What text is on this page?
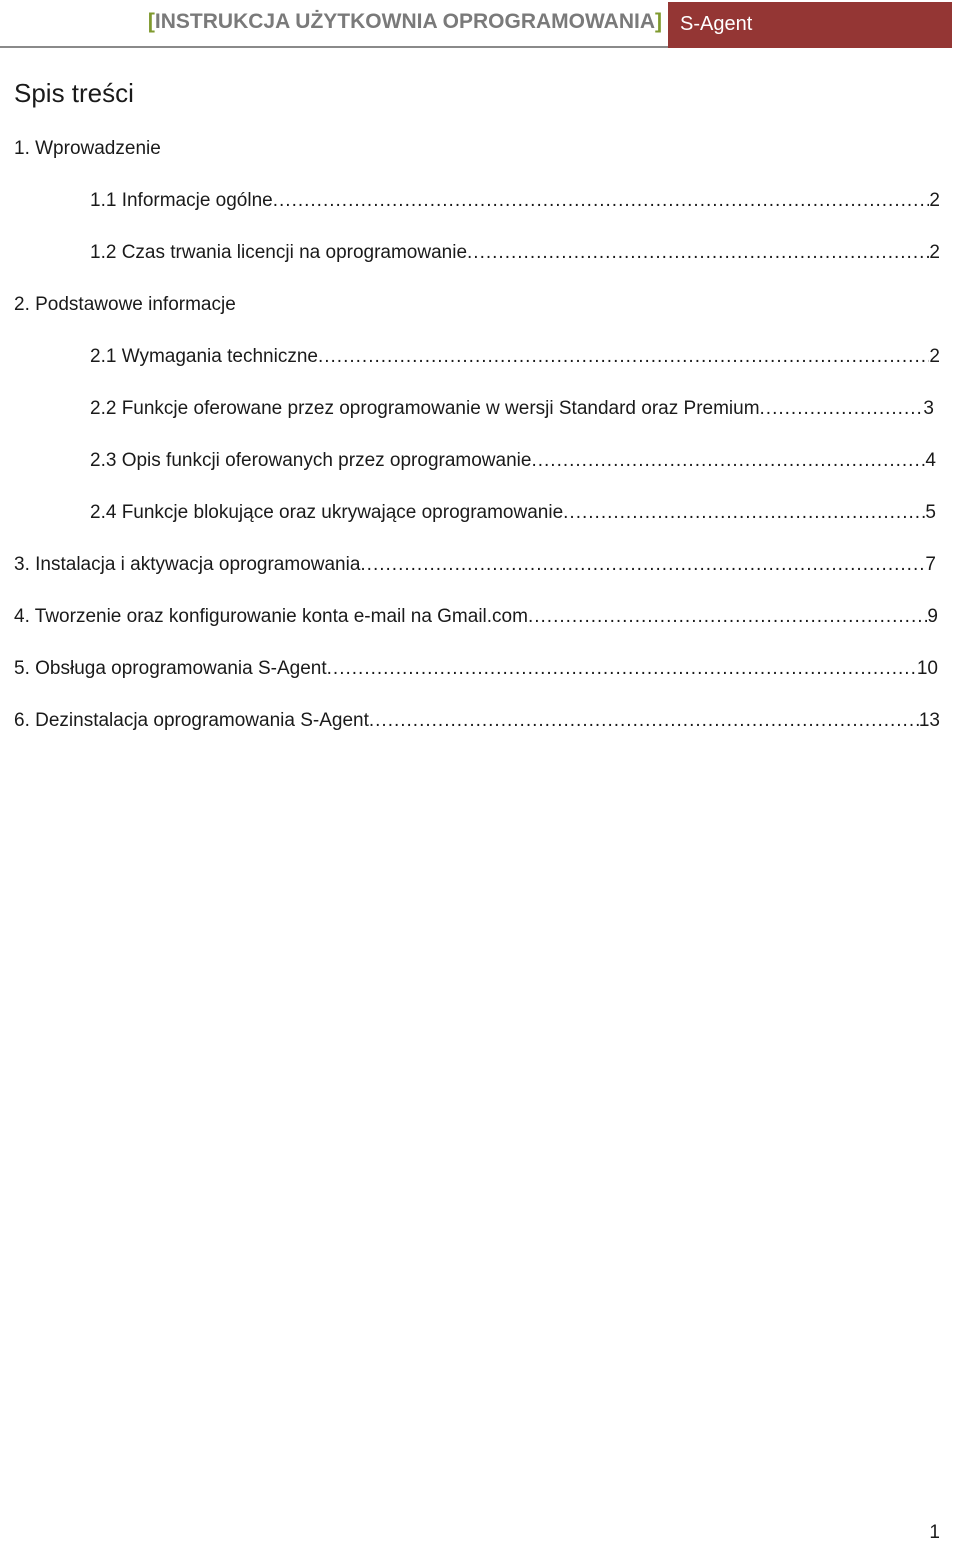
[INSTRUKCJA UŻYTKOWNIA OPROGRAMOWANIA] S-Agent
Spis treści
1. Wprowadzenie
1.1 Informacje ogólne .....	2
1.2 Czas trwania licencji na oprogramowanie .....	2
2. Podstawowe informacje
2.1 Wymagania techniczne .....	2
2.2 Funkcje oferowane przez oprogramowanie w wersji Standard oraz Premium .....	3
2.3 Opis funkcji oferowanych przez oprogramowanie .....	4
2.4 Funkcje blokujące oraz ukrywające oprogramowanie .....	5
3. Instalacja i aktywacja oprogramowania .....	7
4. Tworzenie oraz konfigurowanie konta e-mail na Gmail.com .....	9
5. Obsługa oprogramowania S-Agent .....	10
6. Dezinstalacja oprogramowania S-Agent .....	13
1
